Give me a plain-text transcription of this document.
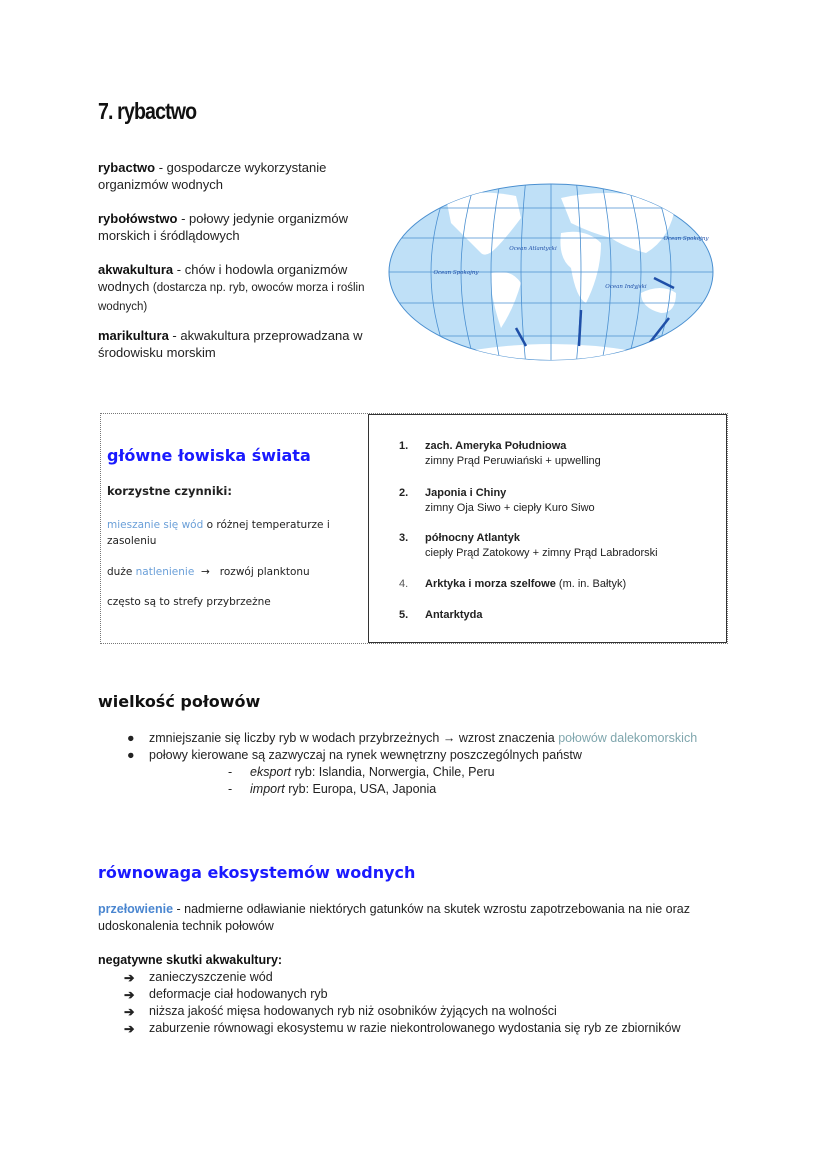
7. rybactwo
rybactwo - gospodarcze wykorzystanie organizmów wodnych
rybołówstwo - połowy jedynie organizmów morskich i śródlądowych
akwakultura - chów i hodowla organizmów wodnych (dostarcza np. ryb, owoców morza i roślin wodnych)
marikultura - akwakultura przeprowadzana w środowisku morskim
Ocean Spokojny
Ocean Atlantycki
Ocean Indyjski
Ocean Spokojny
główne łowiska świata
korzystne czynniki:
mieszanie się wód o różnej temperaturze i zasoleniu
duże natlenienie  →   rozwój planktonu
często są to strefy przybrzeżne
1. zach. Ameryka Południowa
zimny Prąd Peruwiański + upwelling
2. Japonia i Chiny
zimny Oja Siwo + ciepły Kuro Siwo
3. północny Atlantyk
ciepły Prąd Zatokowy + zimny Prąd Labradorski
4. Arktyka i morza szelfowe (m. in. Bałtyk)
5. Antarktyda
wielkość połowów
● zmniejszanie się liczby ryb w wodach przybrzeżnych → wzrost znaczenia połowów dalekomorskich
● połowy kierowane są zazwyczaj na rynek wewnętrzny poszczególnych państw
- eksport ryb: Islandia, Norwergia, Chile, Peru
- import ryb: Europa, USA, Japonia
równowaga ekosystemów wodnych
przełowienie - nadmierne odławianie niektórych gatunków na skutek wzrostu zapotrzebowania na nie oraz
udoskonalenia technik połowów
negatywne skutki akwakultury:
➔ zanieczyszczenie wód
➔ deformacje ciał hodowanych ryb
➔ niższa jakość mięsa hodowanych ryb niż osobników żyjących na wolności
➔ zaburzenie równowagi ekosystemu w razie niekontrolowanego wydostania się ryb ze zbiorników
